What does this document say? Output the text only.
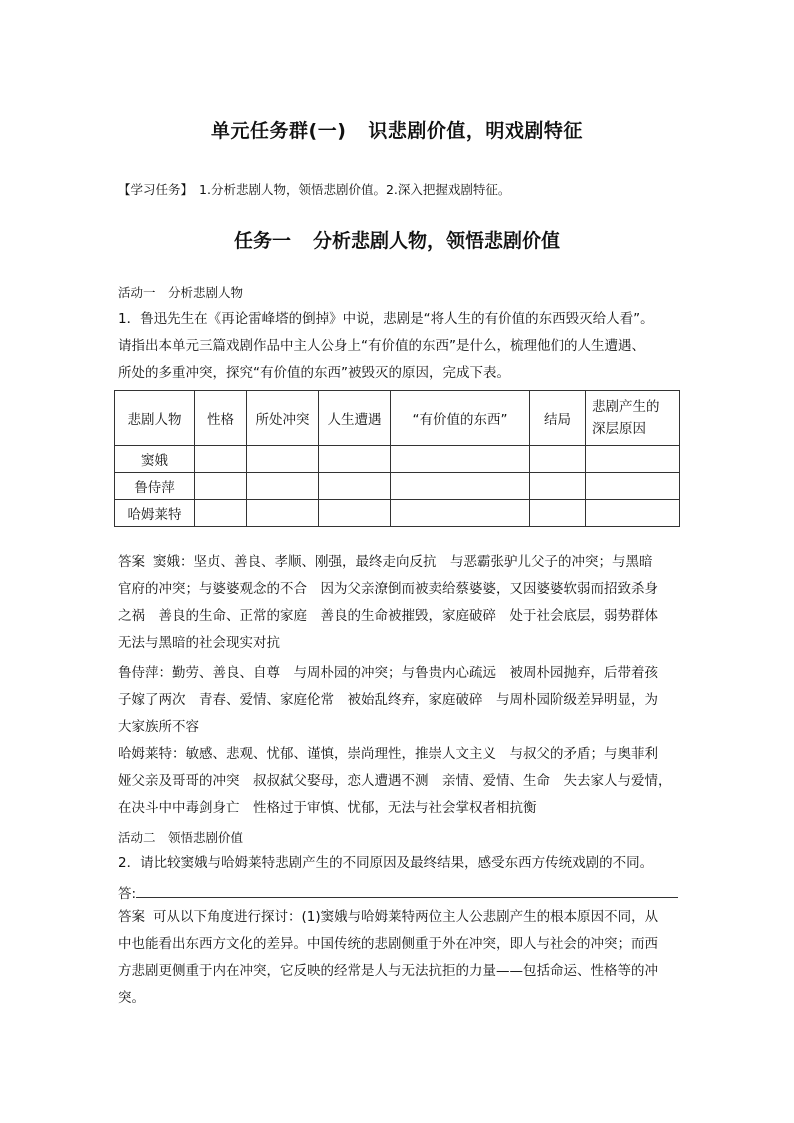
单元任务群(一) 识悲剧价值，明戏剧特征
【学习任务】 1.分析悲剧人物，领悟悲剧价值。2.深入把握戏剧特征。
任务一 分析悲剧人物，领悟悲剧价值
活动一　分析悲剧人物
1．鲁迅先生在《再论雷峰塔的倒掉》中说，悲剧是“将人生的有价值的东西毁灭给人看”。
请指出本单元三篇戏剧作品中主人公身上“有价值的东西”是什么，梳理他们的人生遭遇、
所处的多重冲突，探究“有价值的东西”被毁灭的原因，完成下表。
悲剧人物	性格	所处冲突	人生遭遇	“有价值的东西”	结局	悲剧产生的
深层原因

窦娥						
鲁侍萍						
哈姆莱特						
答案 窦娥：坚贞、善良、孝顺、刚强，最终走向反抗　与恶霸张驴儿父子的冲突；与黑暗
官府的冲突；与婆婆观念的不合　因为父亲潦倒而被卖给蔡婆婆，又因婆婆软弱而招致杀身
之祸　善良的生命、正常的家庭　善良的生命被摧毁，家庭破碎　处于社会底层，弱势群体
无法与黑暗的社会现实对抗
鲁侍萍：勤劳、善良、自尊　与周朴园的冲突；与鲁贵内心疏远　被周朴园抛弃，后带着孩
子嫁了两次　青春、爱情、家庭伦常　被始乱终弃，家庭破碎　与周朴园阶级差异明显，为
大家族所不容
哈姆莱特：敏感、悲观、忧郁、谨慎，崇尚理性，推崇人文主义　与叔父的矛盾；与奥菲利
娅父亲及哥哥的冲突　叔叔弑父娶母，恋人遭遇不测　亲情、爱情、生命　失去家人与爱情，
在决斗中中毒剑身亡　性格过于审慎、忧郁，无法与社会掌权者相抗衡
活动二　领悟悲剧价值
2．请比较窦娥与哈姆莱特悲剧产生的不同原因及最终结果，感受东西方传统戏剧的不同。
答:
答案 可从以下角度进行探讨：(1)窦娥与哈姆莱特两位主人公悲剧产生的根本原因不同，从
中也能看出东西方文化的差异。中国传统的悲剧侧重于外在冲突，即人与社会的冲突；而西
方悲剧更侧重于内在冲突，它反映的经常是人与无法抗拒的力量——包括命运、性格等的冲
突。
